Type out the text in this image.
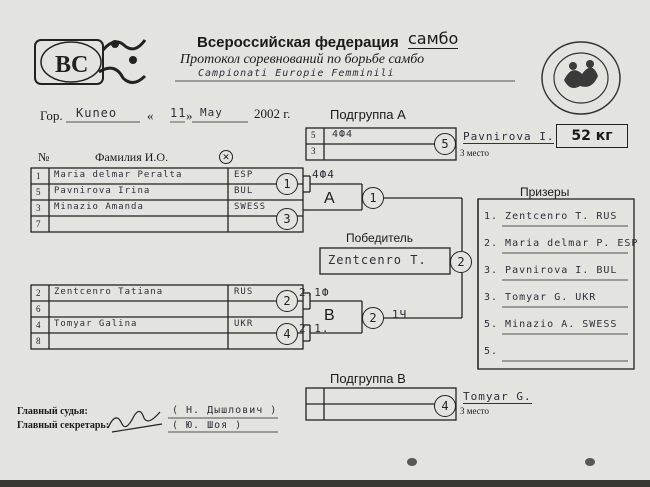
ВС
Всероссийская федерация самбо
Протокол соревнований по борьбе самбо
Campionati Europie Femminili
Гор. Kuneo « 11 » May 2002 г.
52 кг
№	Фамилия И.О.	✕
Подгруппа А
1 Maria delmar Peralta	ESP
5 Pavnirova Irina	BUL
3 Minazio Amanda	SWESS
7
1
4Ф4
3
A	1
5 4Ф4
3	5
Pavnirova I.
3 место
Победитель
Zentcenro T.	2
2 Zentcenro Tatiana	RUS
6
4 Tomyar Galina	UKR
8
2
2.1Ф
4 2.1.
B	2	1Ч
Подгруппа В
4
Tomyar G.
3 место
Призеры
1. Zentcenro T. RUS
2. Maria delmar P. ESP
3. Pavnirova I. BUL
3. Tomyar G. UKR
5. Minazio A. SWESS
5.
Главный судья:	( Н. Дышлович )
Главный секретарь:	( Ю. Шоя )
